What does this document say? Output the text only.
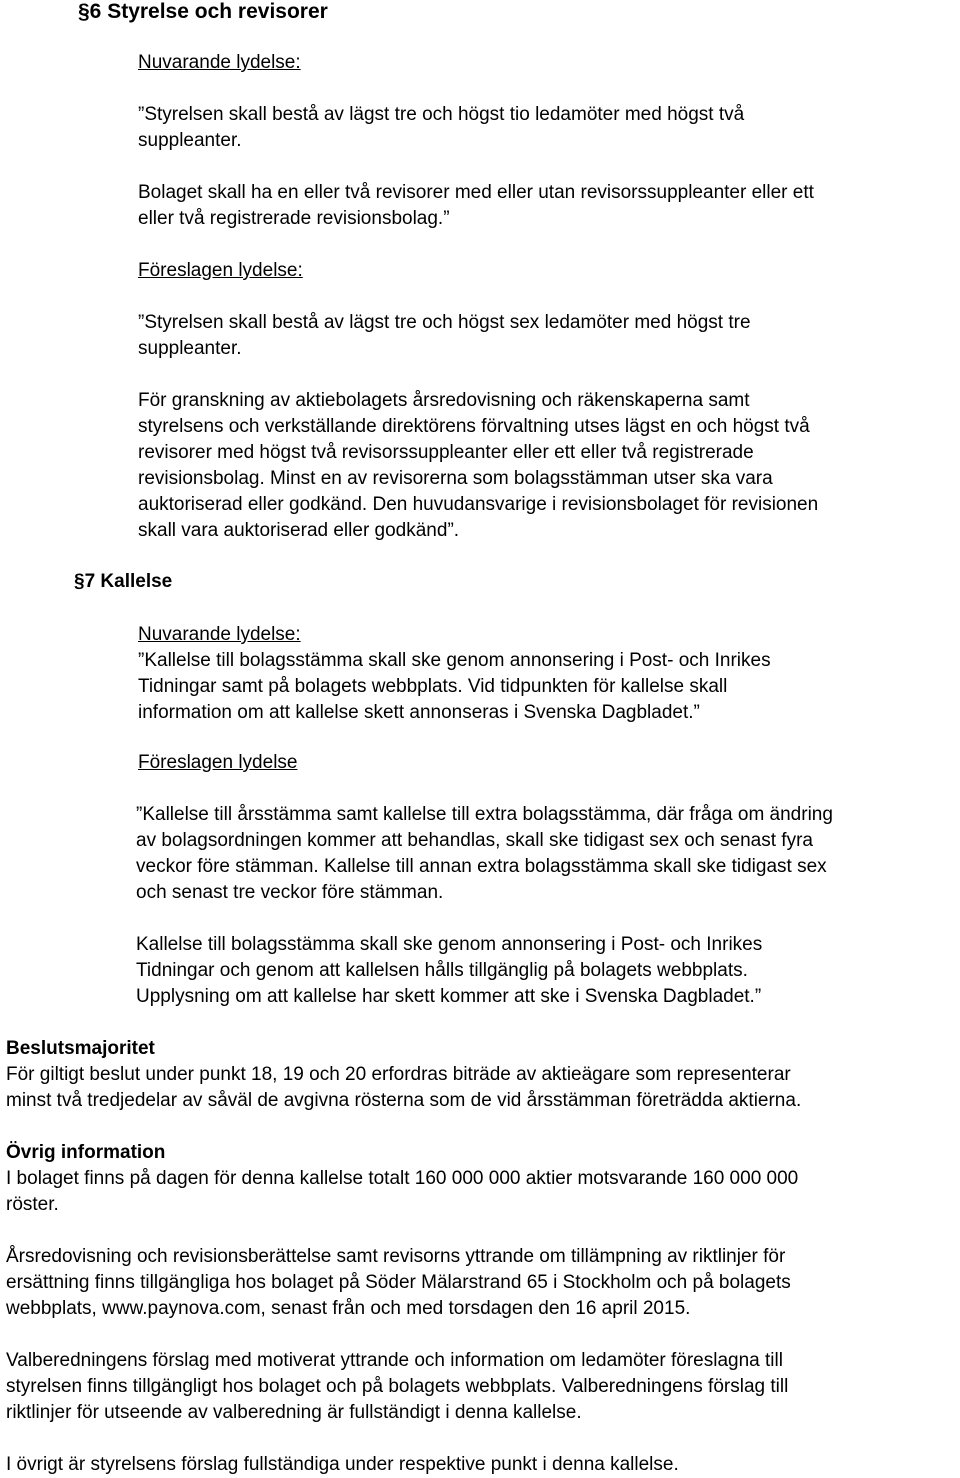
§6 Styrelse och revisorer
Nuvarande lydelse:
”Styrelsen skall bestå av lägst tre och högst tio ledamöter med högst två
suppleanter.
Bolaget skall ha en eller två revisorer med eller utan revisorssuppleanter eller ett
eller två registrerade revisionsbolag.”
Föreslagen lydelse:
”Styrelsen skall bestå av lägst tre och högst sex ledamöter med högst tre
suppleanter.
För granskning av aktiebolagets årsredovisning och räkenskaperna samt
styrelsens och verkställande direktörens förvaltning utses lägst en och högst två
revisorer med högst två revisorssuppleanter eller ett eller två registrerade
revisionsbolag. Minst en av revisorerna som bolagsstämman utser ska vara
auktoriserad eller godkänd. Den huvudansvarige i revisionsbolaget för revisionen
skall vara auktoriserad eller godkänd”.
§7 Kallelse
Nuvarande lydelse:
”Kallelse till bolagsstämma skall ske genom annonsering i Post- och Inrikes
Tidningar samt på bolagets webbplats. Vid tidpunkten för kallelse skall
information om att kallelse skett annonseras i Svenska Dagbladet.”
Föreslagen lydelse
”Kallelse till årsstämma samt kallelse till extra bolagsstämma, där fråga om ändring
av bolagsordningen kommer att behandlas, skall ske tidigast sex och senast fyra
veckor före stämman. Kallelse till annan extra bolagsstämma skall ske tidigast sex
och senast tre veckor före stämman.
Kallelse till bolagsstämma skall ske genom annonsering i Post- och Inrikes
Tidningar och genom att kallelsen hålls tillgänglig på bolagets webbplats.
Upplysning om att kallelse har skett kommer att ske i Svenska Dagbladet.”
Beslutsmajoritet
För giltigt beslut under punkt 18, 19 och 20 erfordras biträde av aktieägare som representerar
minst två tredjedelar av såväl de avgivna rösterna som de vid årsstämman företrädda aktierna.
Övrig information
I bolaget finns på dagen för denna kallelse totalt 160 000 000 aktier motsvarande 160 000 000
röster.
Årsredovisning och revisionsberättelse samt revisorns yttrande om tillämpning av riktlinjer för
ersättning finns tillgängliga hos bolaget på Söder Mälarstrand 65 i Stockholm och på bolagets
webbplats, www.paynova.com, senast från och med torsdagen den 16 april 2015.
Valberedningens förslag med motiverat yttrande och information om ledamöter föreslagna till
styrelsen finns tillgängligt hos bolaget och på bolagets webbplats. Valberedningens förslag till
riktlinjer för utseende av valberedning är fullständigt i denna kallelse.
I övrigt är styrelsens förslag fullständiga under respektive punkt i denna kallelse.
